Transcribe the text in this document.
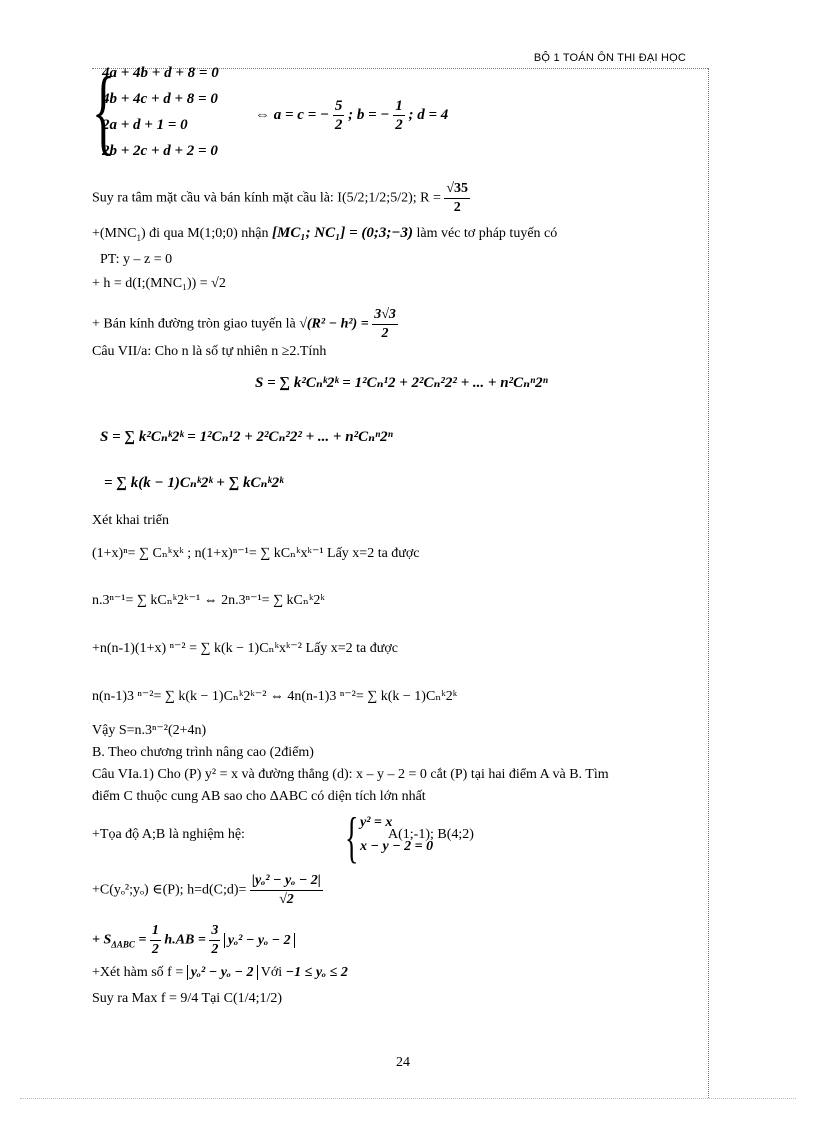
BỘ 1 TOÁN ÔN THI ĐẠI HỌC
{
4a + 4b + d + 8 = 0
4b + 4c + d + 8 = 0
2a + d + 1 = 0
2b + 2c + d + 2 = 0
⇔ a = c = − $\frac{5}{2}$ ; b = − $\frac{1}{2}$ ; d = 4
Suy ra tâm mặt cầu và bán kính mặt cầu là: I(5/2;1/2;5/2); $R = \frac{√35}{2}$
$+(MNC_1)$ đi qua M(1;0;0) nhận [MC₁; NC₁] = (0;3;−3) làm véc tơ pháp tuyến có
PT: y – z = 0
+ h = d(I;(MNC₁)) = √2
+ Bán kính đường tròn giao tuyến là $√(R^2 - h^2) = \frac{3√3}{2}$
Câu VII/a: Cho n là số tự nhiên n ≥2.Tính
S = ∑ k²Cₙᵏ2ᵏ = 1²Cₙ¹2 + 2²Cₙ²2² + ... + n²Cₙⁿ2ⁿ
S = ∑ k²Cₙᵏ2ᵏ = 1²Cₙ¹2 + 2²Cₙ²2² + ... + n²Cₙⁿ2ⁿ
= ∑ k(k − 1)Cₙᵏ2ᵏ + ∑ kCₙᵏ2ᵏ
Xét khai triển
(1+x)ⁿ= ∑ Cₙᵏxᵏ ; n(1+x)ⁿ⁻¹= ∑ kCₙᵏxᵏ⁻¹ Lấy x=2 ta được
n.3ⁿ⁻¹= ∑ kCₙᵏ2ᵏ⁻¹ ⇔ 2n.3ⁿ⁻¹= ∑ kCₙᵏ2ᵏ
+n(n-1)(1+x) ⁿ⁻² = ∑ k(k − 1)Cₙᵏxᵏ⁻² Lấy x=2 ta được
n(n-1)3 ⁿ⁻²= ∑ k(k − 1)Cₙᵏ2ᵏ⁻² ⇔ 4n(n-1)3 ⁿ⁻²= ∑ k(k − 1)Cₙᵏ2ᵏ
Vậy S=n.3ⁿ⁻²(2+4n)
B. Theo chương trình nâng cao (2điểm)
Câu VIa.1) Cho (P) y² = x và đường thẳng (d): x – y – 2 = 0 cắt (P) tại hai điểm A và B. Tìm
điểm C thuộc cung AB sao cho ΔABC có diện tích lớn nhất
+Tọa độ A;B là nghiệm hệ: { y² = x
x − y − 2 = 0
A(1;-1); B(4;2)
+C(yₒ²;yₒ) ∈(P); h=d(C;d)= $\frac{\text{|yₒ² − yₒ − 2|}}{√2}$
+ $S_{\Delta ABC} = \frac{1}{2} h.AB = \frac{3}{2} y_o^2 - y_o - 2$
+Xét hàm số f = yₒ² − yₒ − 2 Với −1 ≤ yₒ ≤ 2
Suy ra Max f = 9/4 Tại C(1/4;1/2)
24
